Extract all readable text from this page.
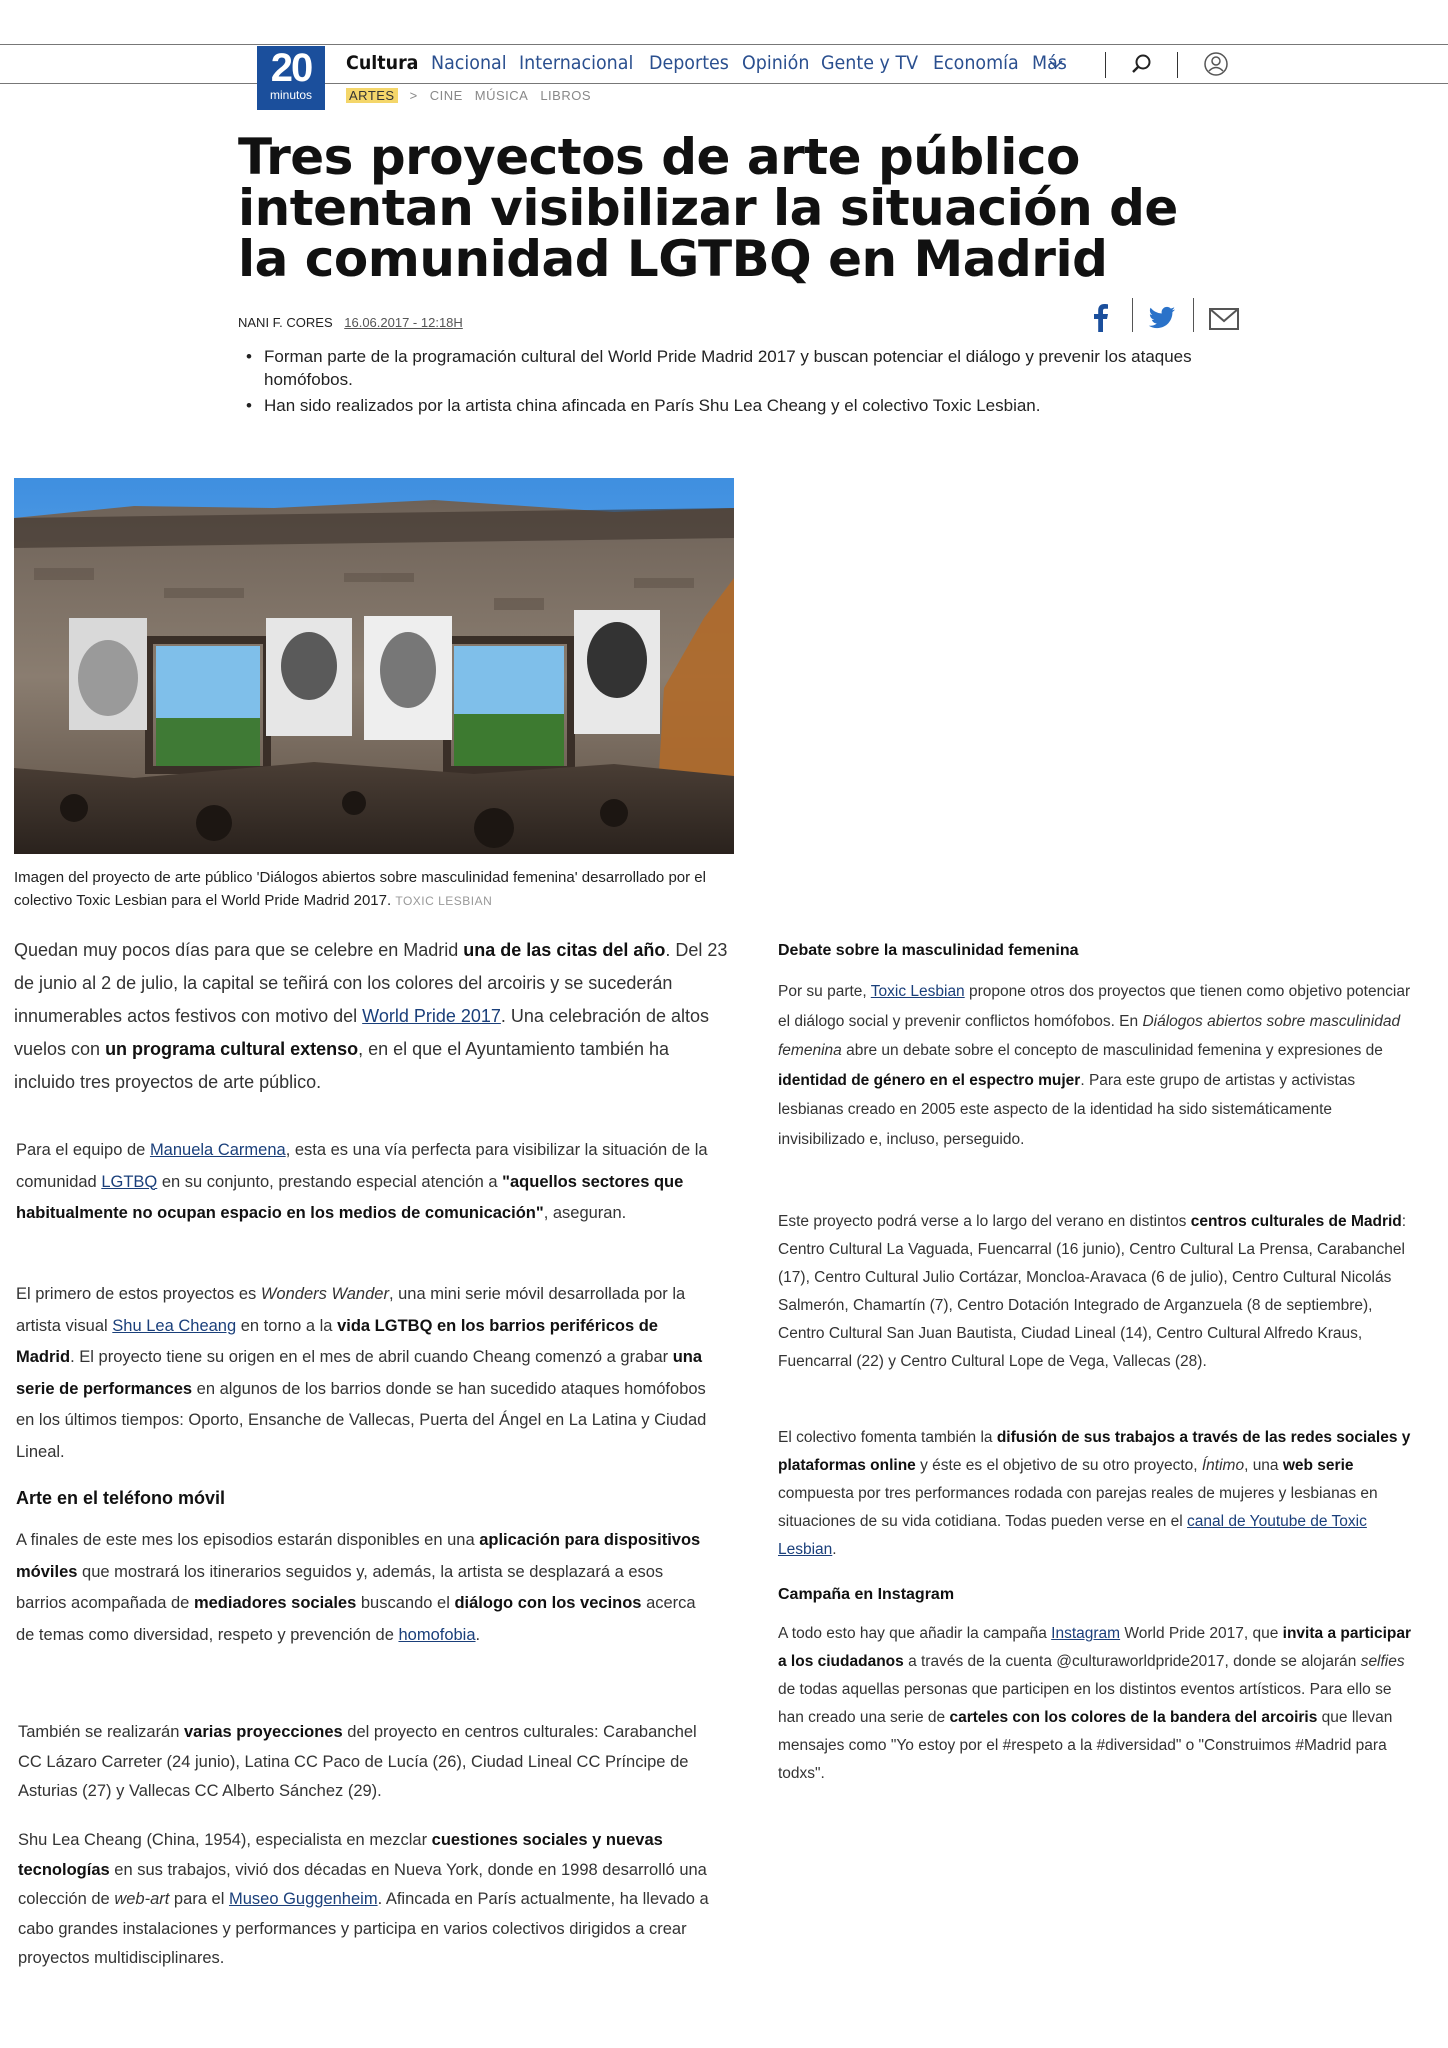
20
minutos
Cultura Nacional Internacional Deportes Opinión Gente y TV Economía Más
ARTES > CINE MÚSICA LIBROS
Tres proyectos de arte público intentan visibilizar la situación de la comunidad LGTBQ en Madrid
NANI F. CORES 16.06.2017 - 12:18H
• Forman parte de la programación cultural del World Pride Madrid 2017 y buscan potenciar el diálogo y prevenir los ataques homófobos.
• Han sido realizados por la artista china afincada en París Shu Lea Cheang y el colectivo Toxic Lesbian.
Imagen del proyecto de arte público 'Diálogos abiertos sobre masculinidad femenina' desarrollado por el colectivo Toxic Lesbian para el World Pride Madrid 2017. TOXIC LESBIAN
Quedan muy pocos días para que se celebre en Madrid una de las citas del año. Del 23 de junio al 2 de julio, la capital se teñirá con los colores del arcoiris y se sucederán innumerables actos festivos con motivo del World Pride 2017. Una celebración de altos vuelos con un programa cultural extenso, en el que el Ayuntamiento también ha incluido tres proyectos de arte público.
Para el equipo de Manuela Carmena, esta es una vía perfecta para visibilizar la situación de la comunidad LGTBQ en su conjunto, prestando especial atención a "aquellos sectores que habitualmente no ocupan espacio en los medios de comunicación", aseguran.
El primero de estos proyectos es Wonders Wander, una mini serie móvil desarrollada por la artista visual Shu Lea Cheang en torno a la vida LGTBQ en los barrios periféricos de Madrid. El proyecto tiene su origen en el mes de abril cuando Cheang comenzó a grabar una serie de performances en algunos de los barrios donde se han sucedido ataques homófobos en los últimos tiempos: Oporto, Ensanche de Vallecas, Puerta del Ángel en La Latina y Ciudad Lineal.
Arte en el teléfono móvil
A finales de este mes los episodios estarán disponibles en una aplicación para dispositivos móviles que mostrará los itinerarios seguidos y, además, la artista se desplazará a esos barrios acompañada de mediadores sociales buscando el diálogo con los vecinos acerca de temas como diversidad, respeto y prevención de homofobia.
También se realizarán varias proyecciones del proyecto en centros culturales: Carabanchel CC Lázaro Carreter (24 junio), Latina CC Paco de Lucía (26), Ciudad Lineal CC Príncipe de Asturias (27) y Vallecas CC Alberto Sánchez (29).
Shu Lea Cheang (China, 1954), especialista en mezclar cuestiones sociales y nuevas tecnologías en sus trabajos, vivió dos décadas en Nueva York, donde en 1998 desarrolló una colección de web-art para el Museo Guggenheim. Afincada en París actualmente, ha llevado a cabo grandes instalaciones y performances y participa en varios colectivos dirigidos a crear proyectos multidisciplinares.
Debate sobre la masculinidad femenina
Por su parte, Toxic Lesbian propone otros dos proyectos que tienen como objetivo potenciar el diálogo social y prevenir conflictos homófobos. En Diálogos abiertos sobre masculinidad femenina abre un debate sobre el concepto de masculinidad femenina y expresiones de identidad de género en el espectro mujer. Para este grupo de artistas y activistas lesbianas creado en 2005 este aspecto de la identidad ha sido sistemáticamente invisibilizado e, incluso, perseguido.
Este proyecto podrá verse a lo largo del verano en distintos centros culturales de Madrid: Centro Cultural La Vaguada, Fuencarral (16 junio), Centro Cultural La Prensa, Carabanchel (17), Centro Cultural Julio Cortázar, Moncloa-Aravaca (6 de julio), Centro Cultural Nicolás Salmerón, Chamartín (7), Centro Dotación Integrado de Arganzuela (8 de septiembre), Centro Cultural San Juan Bautista, Ciudad Lineal (14), Centro Cultural Alfredo Kraus, Fuencarral (22) y Centro Cultural Lope de Vega, Vallecas (28).
El colectivo fomenta también la difusión de sus trabajos a través de las redes sociales y plataformas online y éste es el objetivo de su otro proyecto, Íntimo, una web serie compuesta por tres performances rodada con parejas reales de mujeres y lesbianas en situaciones de su vida cotidiana. Todas pueden verse en el canal de Youtube de Toxic Lesbian.
Campaña en Instagram
A todo esto hay que añadir la campaña Instagram World Pride 2017, que invita a participar a los ciudadanos a través de la cuenta @culturaworldpride2017, donde se alojarán selfies de todas aquellas personas que participen en los distintos eventos artísticos. Para ello se han creado una serie de carteles con los colores de la bandera del arcoiris que llevan mensajes como "Yo estoy por el #respeto a la #diversidad" o "Construimos #Madrid para todxs".
